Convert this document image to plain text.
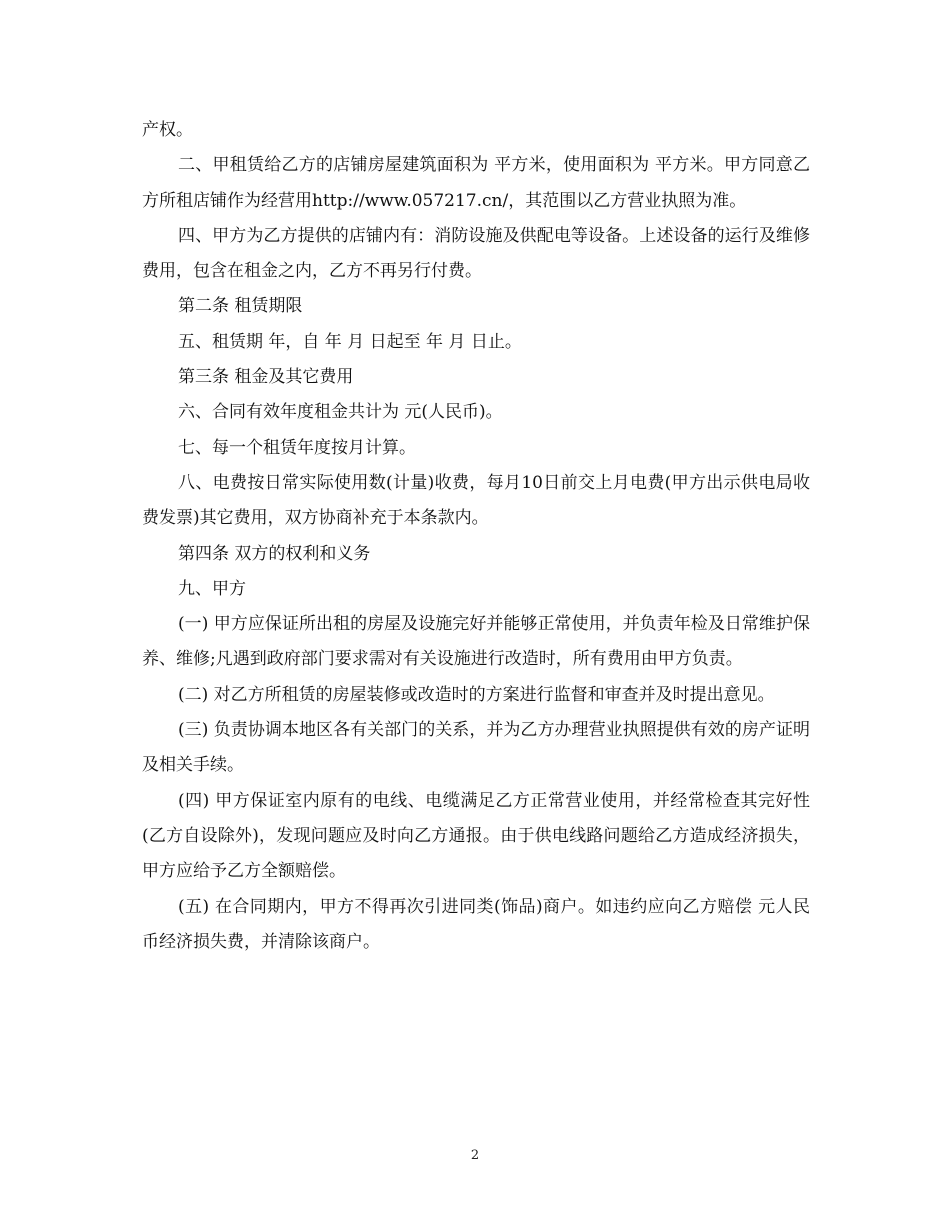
产权。

二、甲租赁给乙方的店铺房屋建筑面积为 平方米，使用面积为 平方米。甲方同意乙方所租店铺作为经营用http://www.057217.cn/，其范围以乙方营业执照为准。

四、甲方为乙方提供的店铺内有：消防设施及供配电等设备。上述设备的运行及维修费用，包含在租金之内，乙方不再另行付费。

第二条 租赁期限

五、租赁期 年，自 年 月 日起至 年 月 日止。

第三条 租金及其它费用

六、合同有效年度租金共计为 元(人民币)。

七、每一个租赁年度按月计算。

八、电费按日常实际使用数(计量)收费，每月10日前交上月电费(甲方出示供电局收费发票)其它费用，双方协商补充于本条款内。

第四条 双方的权利和义务

九、甲方

(一) 甲方应保证所出租的房屋及设施完好并能够正常使用，并负责年检及日常维护保养、维修;凡遇到政府部门要求需对有关设施进行改造时，所有费用由甲方负责。

(二) 对乙方所租赁的房屋装修或改造时的方案进行监督和审查并及时提出意见。

(三) 负责协调本地区各有关部门的关系，并为乙方办理营业执照提供有效的房产证明及相关手续。

(四) 甲方保证室内原有的电线、电缆满足乙方正常营业使用，并经常检查其完好性(乙方自设除外)，发现问题应及时向乙方通报。由于供电线路问题给乙方造成经济损失，甲方应给予乙方全额赔偿。

(五) 在合同期内，甲方不得再次引进同类(饰品)商户。如违约应向乙方赔偿 元人民币经济损失费，并清除该商户。

2
